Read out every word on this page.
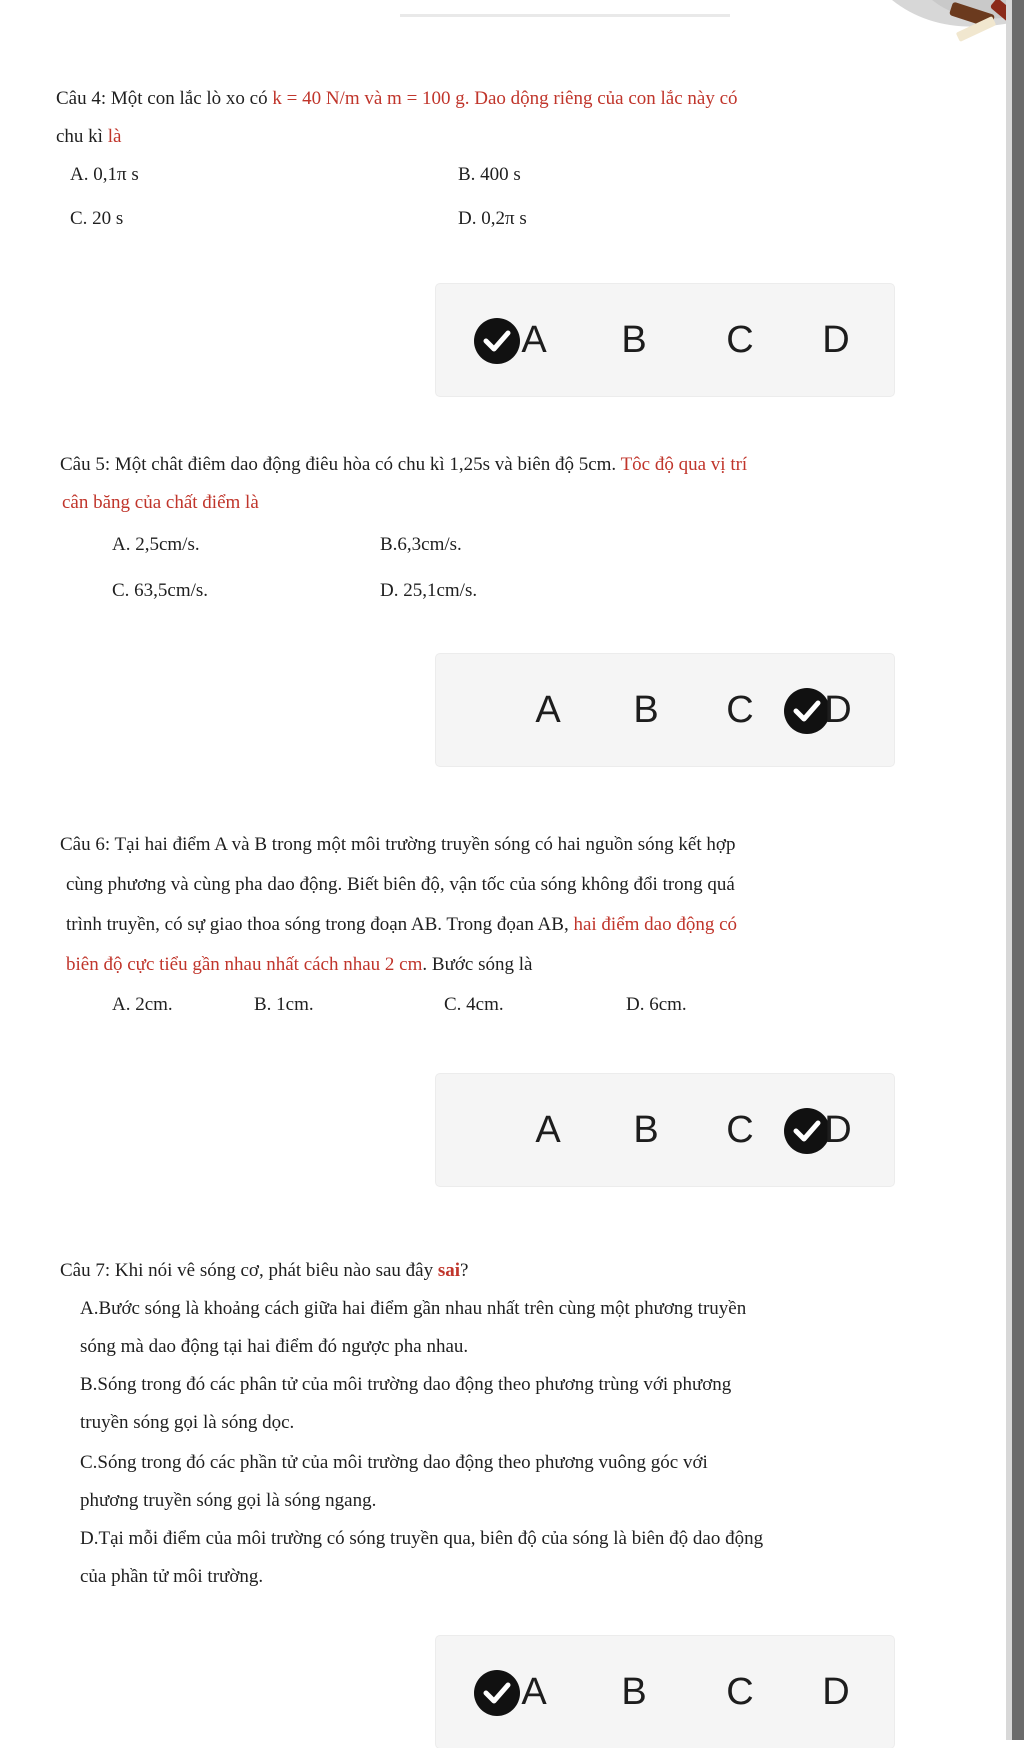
Câu 4: Một con lắc lò xo có k = 40 N/m và m = 100 g. Dao dộng riêng của con lắc này có
chu kì là
A. 0,1π s	B. 400 s
C. 20 s	D. 0,2π s
A	B	C	D
Câu 5: Một chât điêm dao động điêu hòa có chu kì 1,25s và biên độ 5cm. Tôc độ qua vị trí
cân băng của chất điểm là
A. 2,5cm/s.	B.6,3cm/s.
C. 63,5cm/s.	D. 25,1cm/s.
A	B	C	D
Câu 6: Tại hai điểm A và B trong một môi trường truyền sóng có hai nguồn sóng kết hợp
cùng phương và cùng pha dao động. Biết biên độ, vận tốc của sóng không đổi trong quá
trình truyền, có sự giao thoa sóng trong đoạn AB. Trong đọan AB, hai điểm dao động có
biên độ cực tiểu gần nhau nhất cách nhau 2 cm. Bước sóng là
A. 2cm.	B. 1cm.	C. 4cm.	D. 6cm.
A	B	C	D
Câu 7: Khi nói vê sóng cơ, phát biêu nào sau đây sai?
A.Bước sóng là khoảng cách giữa hai điểm gần nhau nhất trên cùng một phương truyền
sóng mà dao động tại hai điểm đó ngược pha nhau.
B.Sóng trong đó các phân tử của môi trường dao động theo phương trùng với phương
truyền sóng gọi là sóng dọc.
C.Sóng trong đó các phần tử của môi trường dao động theo phương vuông góc với
phương truyền sóng gọi là sóng ngang.
D.Tại mỗi điểm của môi trường có sóng truyền qua, biên độ của sóng là biên độ dao động
của phần tử môi trường.
A	B	C	D
